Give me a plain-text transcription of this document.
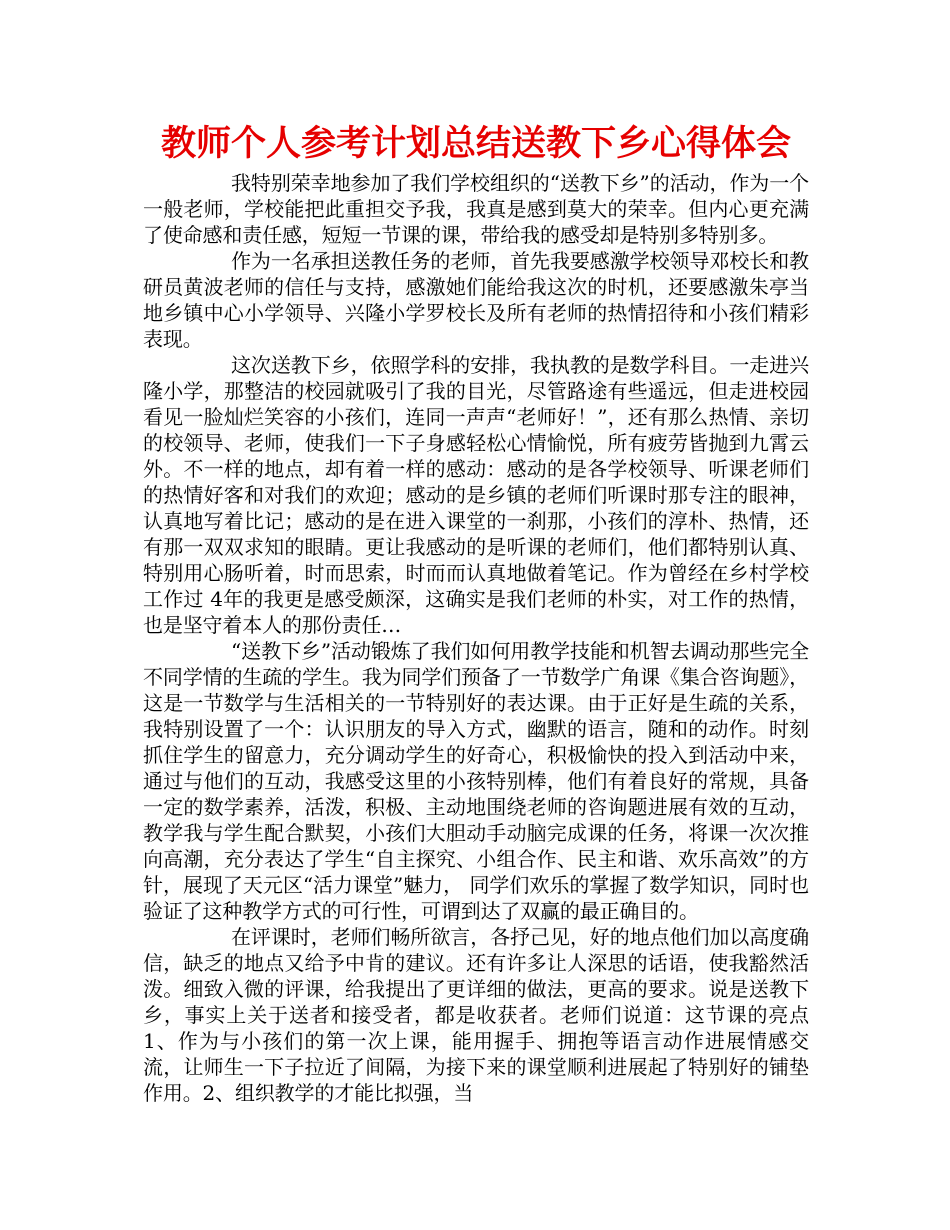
教师个人参考计划总结送教下乡心得体会

我特别荣幸地参加了我们学校组织的“送教下乡”的活动，作为一个一般老师，学校能把此重担交予我，我真是感到莫大的荣幸。但内心更充满了使命感和责任感，短短一节课的课，带给我的感受却是特别多特别多。

作为一名承担送教任务的老师，首先我要感激学校领导邓校长和教研员黄波老师的信任与支持，感激她们能给我这次的时机，还要感激朱亭当地乡镇中心小学领导、兴隆小学罗校长及所有老师的热情招待和小孩们精彩表现。

这次送教下乡，依照学科的安排，我执教的是数学科目。一走进兴隆小学，那整洁的校园就吸引了我的目光，尽管路途有些遥远，但走进校园看见一脸灿烂笑容的小孩们，连同一声声“老师好！”，还有那么热情、亲切的校领导、老师，使我们一下子身感轻松心情愉悦，所有疲劳皆抛到九霄云外。不一样的地点，却有着一样的感动：感动的是各学校领导、听课老师们的热情好客和对我们的欢迎；感动的是乡镇的老师们听课时那专注的眼神，认真地写着比记；感动的是在进入课堂的一刹那，小孩们的淳朴、热情，还有那一双双求知的眼睛。更让我感动的是听课的老师们，他们都特别认真、特别用心肠听着，时而思索，时而而认真地做着笔记。作为曾经在乡村学校工作过 4年的我更是感受颇深，这确实是我们老师的朴实，对工作的热情，也是坚守着本人的那份责任…

“送教下乡”活动锻炼了我们如何用教学技能和机智去调动那些完全不同学情的生疏的学生。我为同学们预备了一节数学广角课《集合咨询题》，这是一节数学与生活相关的一节特别好的表达课。由于正好是生疏的关系，我特别设置了一个：认识朋友的导入方式，幽默的语言，随和的动作。时刻抓住学生的留意力，充分调动学生的好奇心，积极愉快的投入到活动中来，通过与他们的互动，我感受这里的小孩特别棒，他们有着良好的常规，具备一定的数学素养，活泼，积极、主动地围绕老师的咨询题进展有效的互动，教学我与学生配合默契，小孩们大胆动手动脑完成课的任务，将课一次次推向高潮，充分表达了学生“自主探究、小组合作、民主和谐、欢乐高效”的方针，展现了天元区“活力课堂”魅力， 同学们欢乐的掌握了数学知识，同时也验证了这种教学方式的可行性，可谓到达了双赢的最正确目的。

在评课时，老师们畅所欲言，各抒己见，好的地点他们加以高度确信，缺乏的地点又给予中肯的建议。还有许多让人深思的话语，使我豁然活泼。细致入微的评课，给我提出了更详细的做法，更高的要求。说是送教下乡，事实上关于送者和接受者，都是收获者。老师们说道：这节课的亮点 1、作为与小孩们的第一次上课，能用握手、拥抱等语言动作进展情感交流，让师生一下子拉近了间隔，为接下来的课堂顺利进展起了特别好的铺垫作用。2、组织教学的才能比拟强，当
